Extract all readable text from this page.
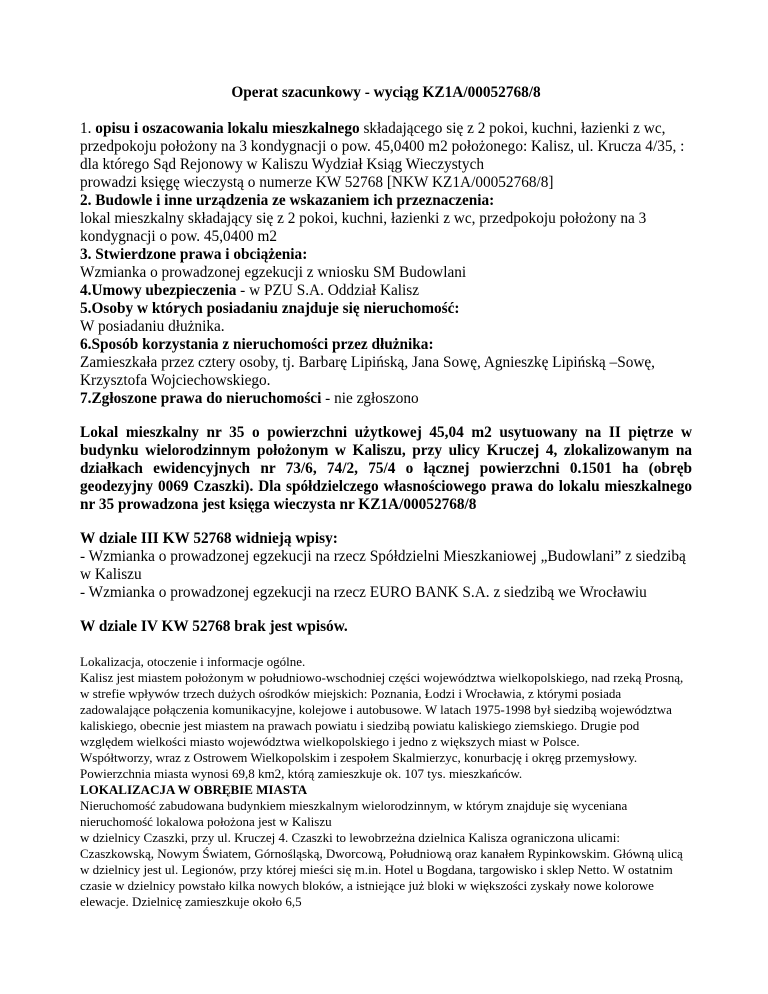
Operat szacunkowy - wyciąg KZ1A/00052768/8

1. opisu i oszacowania lokalu mieszkalnego składającego się z 2 pokoi, kuchni, łazienki z wc, przedpokoju położony na 3 kondygnacji o pow. 45,0400 m2 położonego: Kalisz, ul. Krucza 4/35, :

dla którego Sąd Rejonowy w Kaliszu Wydział Ksiąg Wieczystych

prowadzi księgę wieczystą o numerze KW 52768 [NKW KZ1A/00052768/8]

2. Budowle i inne urządzenia ze wskazaniem ich przeznaczenia:

lokal mieszkalny składający się z 2 pokoi, kuchni, łazienki z wc, przedpokoju położony na 3 kondygnacji o pow. 45,0400 m2

3. Stwierdzone prawa i obciążenia:

Wzmianka o prowadzonej egzekucji z wniosku SM Budowlani

4.Umowy ubezpieczenia - w PZU S.A. Oddział Kalisz

5.Osoby w których posiadaniu znajduje się nieruchomość:

W posiadaniu dłużnika.

6.Sposób korzystania z nieruchomości przez dłużnika:

Zamieszkała przez cztery osoby, tj. Barbarę Lipińską, Jana Sowę, Agnieszkę Lipińską –Sowę, Krzysztofa Wojciechowskiego.

7.Zgłoszone prawa do nieruchomości - nie zgłoszono

Lokal mieszkalny nr 35 o powierzchni użytkowej 45,04 m2 usytuowany na II piętrze w budynku wielorodzinnym położonym w Kaliszu, przy ulicy Kruczej 4, zlokalizowanym na działkach ewidencyjnych nr 73/6, 74/2, 75/4 o łącznej powierzchni 0.1501 ha (obręb geodezyjny 0069 Czaszki). Dla spółdzielczego własnościowego prawa do lokalu mieszkalnego nr 35 prowadzona jest księga wieczysta nr KZ1A/00052768/8

W dziale III KW 52768 widnieją wpisy:

- Wzmianka o prowadzonej egzekucji na rzecz Spółdzielni Mieszkaniowej „Budowlani” z siedzibą w Kaliszu

- Wzmianka o prowadzonej egzekucji na rzecz EURO BANK S.A. z siedzibą we Wrocławiu

W dziale IV KW 52768 brak jest wpisów.

Lokalizacja, otoczenie i informacje ogólne.

Kalisz jest miastem położonym w południowo-wschodniej części województwa wielkopolskiego, nad rzeką Prosną, w strefie wpływów trzech dużych ośrodków miejskich: Poznania, Łodzi i Wrocławia, z którymi posiada zadowalające połączenia komunikacyjne, kolejowe i autobusowe. W latach 1975-1998 był siedzibą województwa kaliskiego, obecnie jest miastem na prawach powiatu i siedzibą powiatu kaliskiego ziemskiego. Drugie pod względem wielkości miasto województwa wielkopolskiego i jedno z większych miast w Polsce.

Współtworzy, wraz z Ostrowem Wielkopolskim i zespołem Skalmierzyc, konurbację i okręg przemysłowy. Powierzchnia miasta wynosi 69,8 km2, którą zamieszkuje ok. 107 tys. mieszkańców.

LOKALIZACJA W OBRĘBIE MIASTA

Nieruchomość zabudowana budynkiem mieszkalnym wielorodzinnym, w którym znajduje się wyceniana nieruchomość lokalowa położona jest w Kaliszu

w dzielnicy Czaszki, przy ul. Kruczej 4. Czaszki to lewobrzeżna dzielnica Kalisza ograniczona ulicami: Czaszkowską, Nowym Światem, Górnośląską, Dworcową, Południową oraz kanałem Rypinkowskim. Główną ulicą w dzielnicy jest ul. Legionów, przy której mieści się m.in. Hotel u Bogdana, targowisko i sklep Netto. W ostatnim czasie w dzielnicy powstało kilka nowych bloków, a istniejące już bloki w większości zyskały nowe kolorowe elewacje. Dzielnicę zamieszkuje około 6,5
